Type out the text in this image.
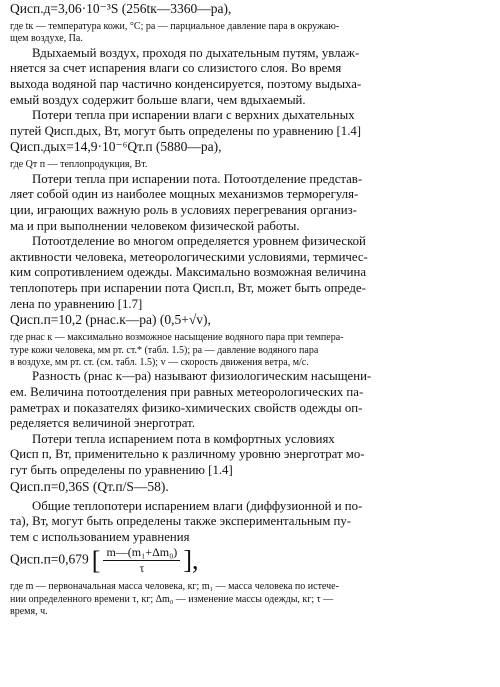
Qисп.д=3,06·10⁻³S (256tк—3360—pa),
где tк — температура кожи, °C; pa — парциальное давление пара в окружаю-
щем воздухе, Па.
Вдыхаемый воздух, проходя по дыхательным путям, увлаж-
няется за счет испарения влаги со слизистого слоя. Во время
выхода водяной пар частично конденсируется, поэтому выдыха-
емый воздух содержит больше влаги, чем вдыхаемый.
Потери тепла при испарении влаги с верхних дыхательных
путей Qисп.дых, Вт, могут быть определены по уравнению [1.4]
Qисп.дых=14,9·10⁻⁶Qт.п (5880—pa),
где Qт п — теплопродукция, Вт.
Потери тепла при испарении пота. Потоотделение представ-
ляет собой один из наиболее мощных механизмов терморегуля-
ции, играющих важную роль в условиях перегревания организ-
ма и при выполнении человеком физической работы.
Потоотделение во многом определяется уровнем физической
активности человека, метеорологическими условиями, термичес-
ким сопротивлением одежды. Максимально возможная величина
теплопотерь при испарении пота Qисп.п, Вт, может быть опреде-
лена по уравнению [1.7]
Qисп.п=10,2 (pнас.к—pa) (0,5+√v),
где pнас к — максимально возможное насыщение водяного пара при темпера-
туре кожи человека, мм рт. ст.* (табл. 1.5); pa — давление водяного пара
в воздухе, мм рт. ст. (см. табл. 1.5); v — скорость движения ветра, м/с.
Разность (pнас к—pa) называют физиологическим насыщени-
ем. Величина потоотделения при равных метеорологических па-
раметрах и показателях физико-химических свойств одежды оп-
ределяется величиной энерготрат.
Потери тепла испарением пота в комфортных условиях
Qисп п, Вт, применительно к различному уровню энерготрат мо-
гут быть определены по уравнению [1.4]
Qисп.п=0,36S (Qт.п/S—58).
Общие теплопотери испарением влаги (диффузионной и по-
та), Вт, могут быть определены также экспериментальным пу-
тем с использованием уравнения
Qисп.п=0,679 [ $\frac{\text{m—(m₁+Δm₀)}}{\tau}$ ],
где m — первоначальная масса человека, кг; m₁ — масса человека по истече-
нии определенного времени τ, кг; Δm₀ — изменение массы одежды, кг; τ —
время, ч.
